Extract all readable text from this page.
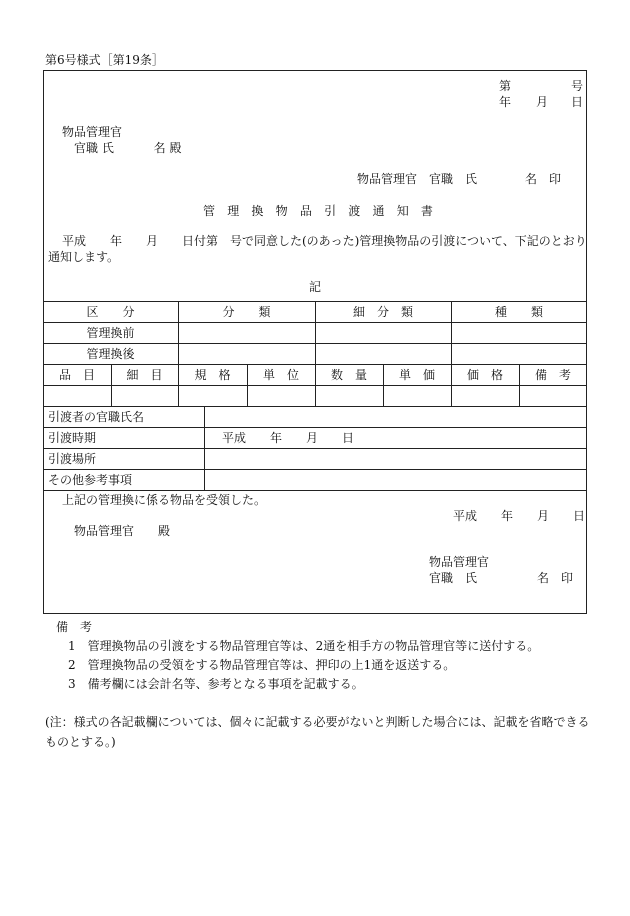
第6号様式［第19条］
第	号
年 月 日
物品管理官
官職 氏　　　 名 殿
物品管理官　官職　氏　　　　名　印
管 理 換 物 品 引 渡 通 知 書
平成　　年　　月　　日付第　号で同意した(のあった)管理換物品の引渡について、下記のとおり通知します。
記
区　　分	分　　類	細　分　類	種　　類
管理換前
管理換後
品　目	細　目	規　格	単　位	数　量	単　価	価　格	備　考
引渡者の官職氏名
引渡時期	平成　　年　　月　　日
引渡場所
その他参考事項
上記の管理換に係る物品を受領した。
平成　　年　　月　　日
物品管理官　　殿
物品管理官
官職　氏　　　　　名　印
備　考
1　管理換物品の引渡をする物品管理官等は、2通を相手方の物品管理官等に送付する。
2　管理換物品の受領をする物品管理官等は、押印の上1通を返送する。
3　備考欄には会計名等、参考となる事項を記載する。
(注：様式の各記載欄については、個々に記載する必要がないと判断した場合には、記載を省略できるものとする。)
